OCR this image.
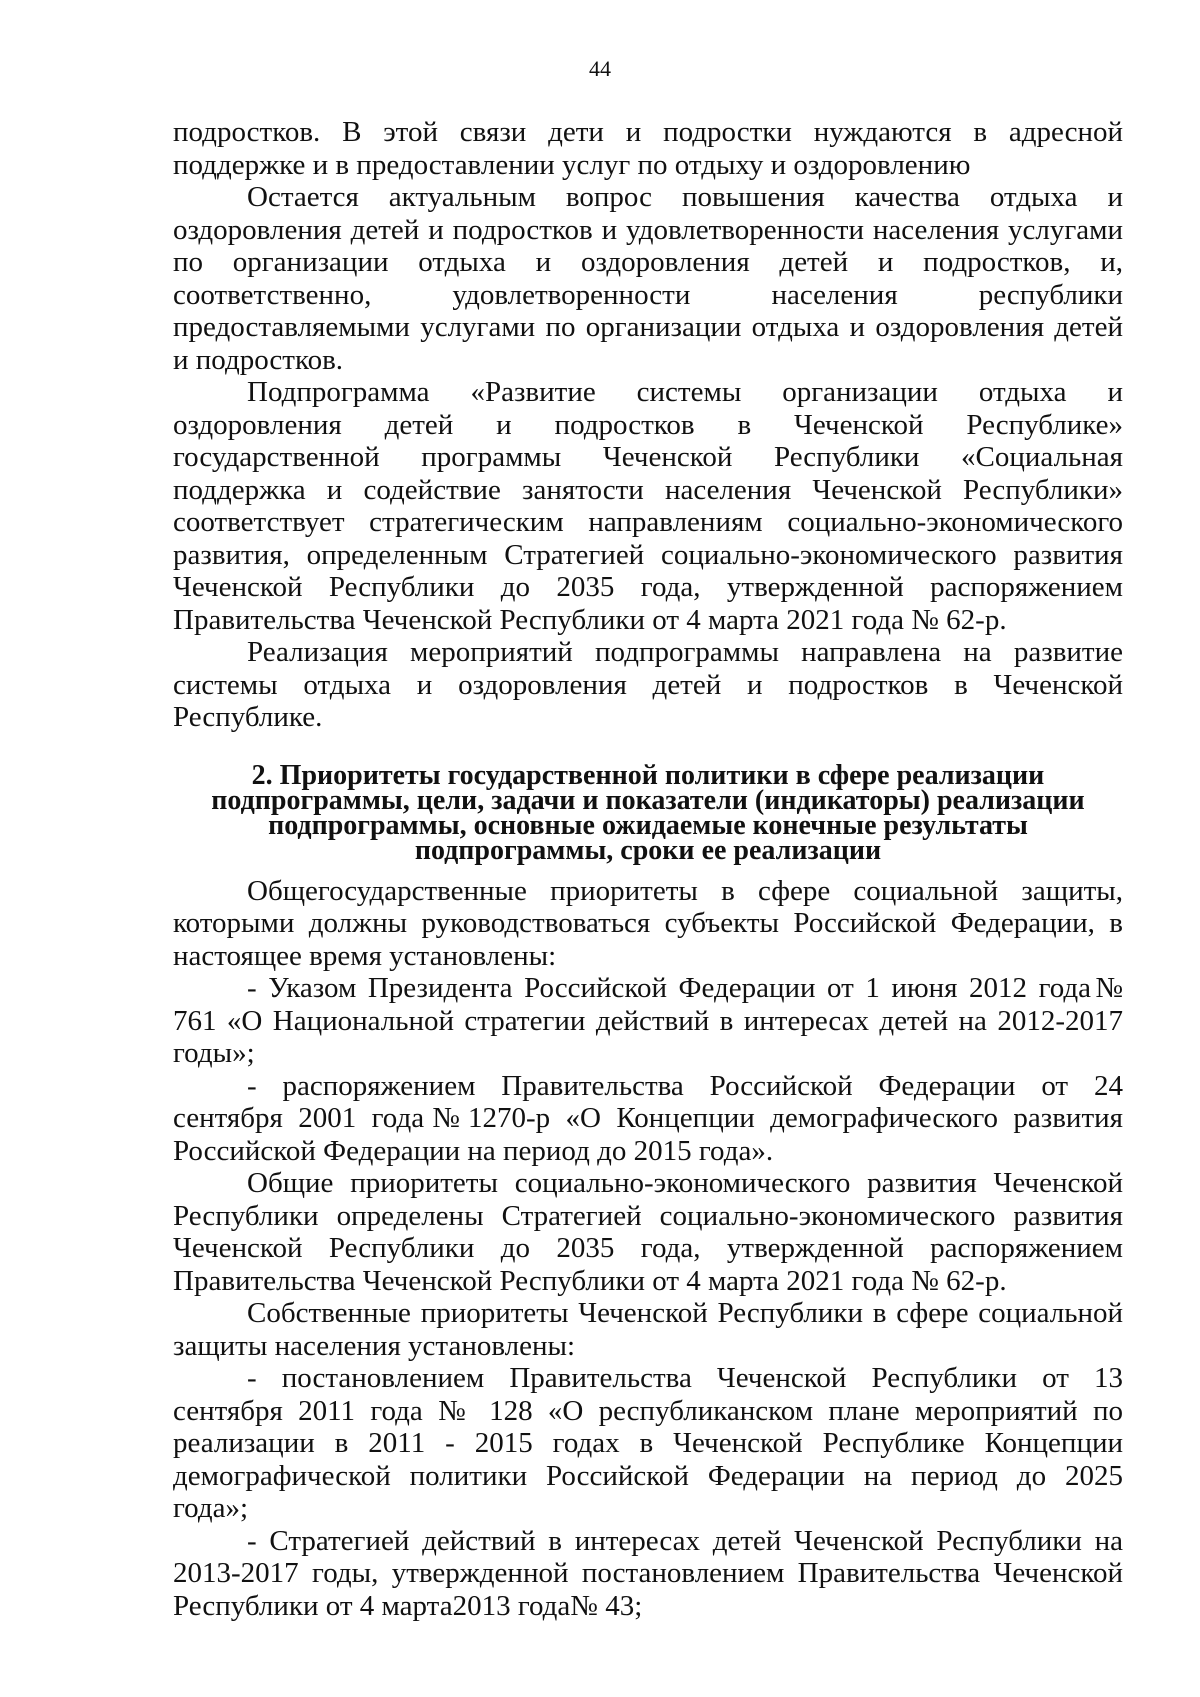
44

подростков. В этой связи дети и подростки нуждаются в адресной поддержке и в предоставлении услуг по отдыху и оздоровлению

Остается актуальным вопрос повышения качества отдыха и оздоровления детей и подростков и удовлетворенности населения услугами по организации отдыха и оздоровления детей и подростков, и, соответственно, удовлетворенности населения республики предоставляемыми услугами по организации отдыха и оздоровления детей и подростков.

Подпрограмма «Развитие системы организации отдыха и оздоровления детей и подростков в Чеченской Республике» государственной программы Чеченской Республики «Социальная поддержка и содействие занятости населения Чеченской Республики» соответствует стратегическим направлениям социально-экономического развития, определенным Стратегией социально-экономического развития Чеченской Республики до 2035 года, утвержденной распоряжением Правительства Чеченской Республики от 4 марта 2021 года № 62-р.

Реализация мероприятий подпрограммы направлена на развитие системы отдыха и оздоровления детей и подростков в Чеченской Республике.

2. Приоритеты государственной политики в сфере реализации
подпрограммы, цели, задачи и показатели (индикаторы) реализации
подпрограммы, основные ожидаемые конечные результаты
подпрограммы, сроки ее реализации

Общегосударственные приоритеты в сфере социальной защиты, которыми должны руководствоваться субъекты Российской Федерации, в настоящее время установлены:

- Указом Президента Российской Федерации от 1 июня 2012 года№ 761 «О Национальной стратегии действий в интересах детей на 2012-2017 годы»;

- распоряжением Правительства Российской Федерации от 24 сентября 2001 года№1270-р «О Концепции демографического развития Российской Федерации на период до 2015 года».

Общие приоритеты социально-экономического развития Чеченской Республики определены Стратегией социально-экономического развития Чеченской Республики до 2035 года, утвержденной распоряжением Правительства Чеченской Республики от 4 марта 2021 года № 62-р.

Собственные приоритеты Чеченской Республики в сфере социальной защиты населения установлены:

- постановлением Правительства Чеченской Республики от 13 сентября 2011 года № 128 «О республиканском плане мероприятий по реализации в 2011 - 2015 годах в Чеченской Республике Концепции демографической политики Российской Федерации на период до 2025 года»;

- Стратегией действий в интересах детей Чеченской Республики на 2013-2017 годы, утвержденной постановлением Правительства Чеченской Республики от 4 марта2013 года№ 43;
